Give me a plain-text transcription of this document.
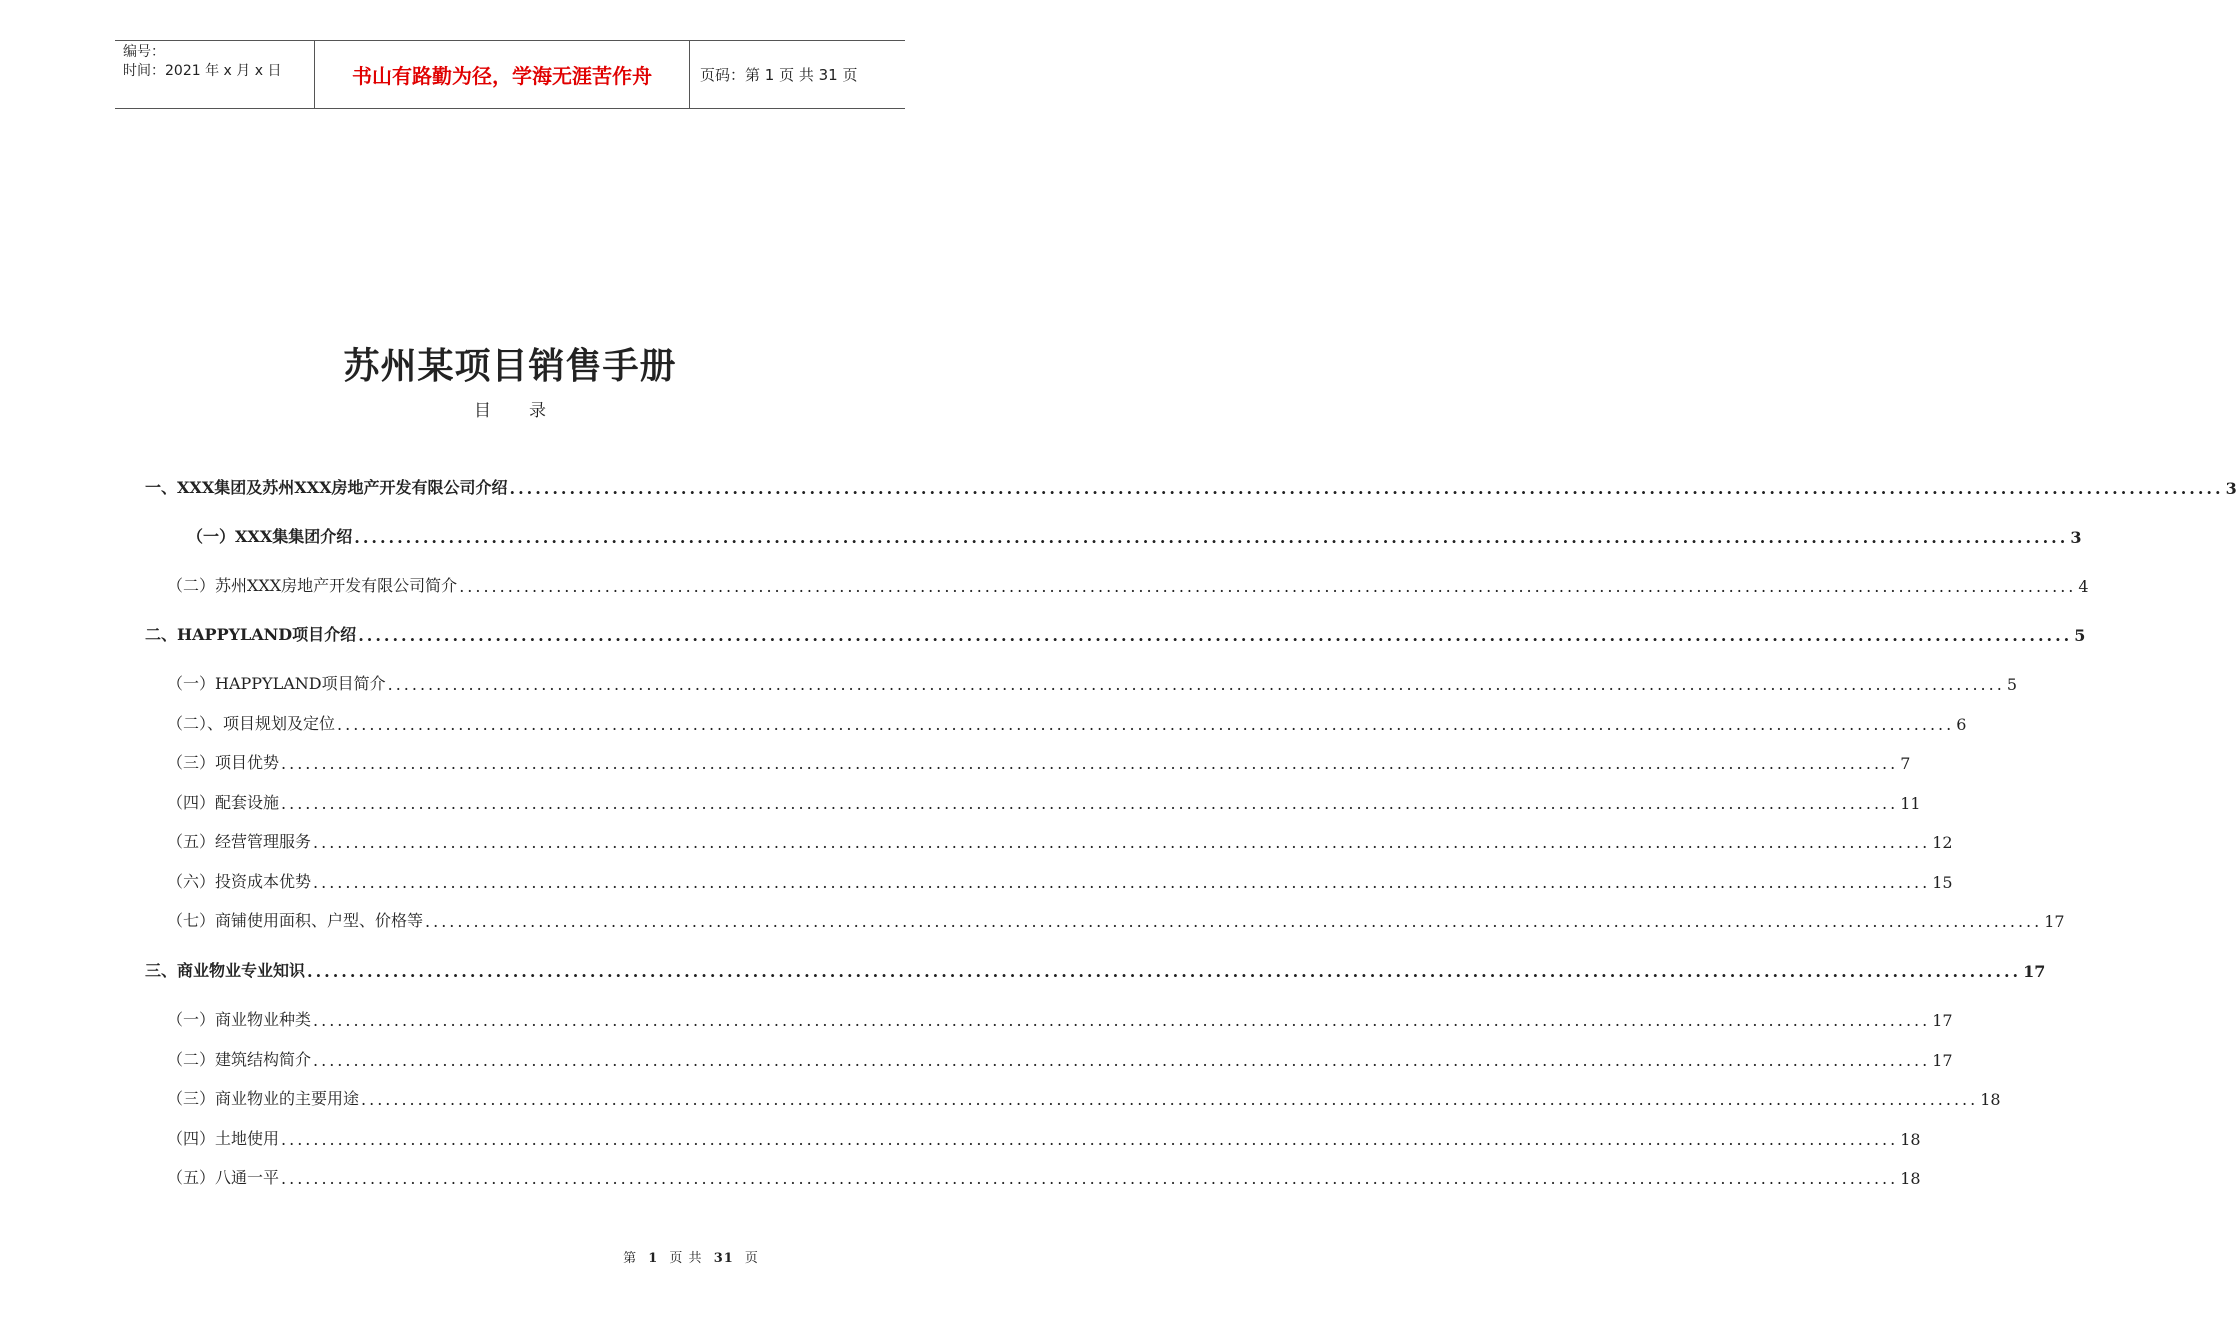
编号：
时间：2021 年 x 月 x 日	书山有路勤为径，学海无涯苦作舟	页码：第 1 页 共 31 页
苏州某项目销售手册
目录
一、XXX集团及苏州XXX房地产开发有限公司介绍 ........................................................................................................................................................................................................ 3
（一）XXX集集团介绍 ........................................................................................................................................................................................................ 3
（二）苏州XXX房地产开发有限公司简介 ........................................................................................................................................................................................................ 4
二、HAPPYLAND项目介绍 ........................................................................................................................................................................................................ 5
（一）HAPPYLAND项目简介 ........................................................................................................................................................................................................ 5
（二）、项目规划及定位 ........................................................................................................................................................................................................ 6
（三）项目优势 ........................................................................................................................................................................................................ 7
（四）配套设施 ........................................................................................................................................................................................................ 11
（五）经营管理服务 ........................................................................................................................................................................................................ 12
（六）投资成本优势 ........................................................................................................................................................................................................ 15
（七）商铺使用面积、户型、价格等 ........................................................................................................................................................................................................ 17
三、商业物业专业知识 ........................................................................................................................................................................................................ 17
（一）商业物业种类 ........................................................................................................................................................................................................ 17
（二）建筑结构简介 ........................................................................................................................................................................................................ 17
（三）商业物业的主要用途 ........................................................................................................................................................................................................ 18
（四）土地使用 ........................................................................................................................................................................................................ 18
（五）八通一平 ........................................................................................................................................................................................................ 18
第 1 页 共 31 页
